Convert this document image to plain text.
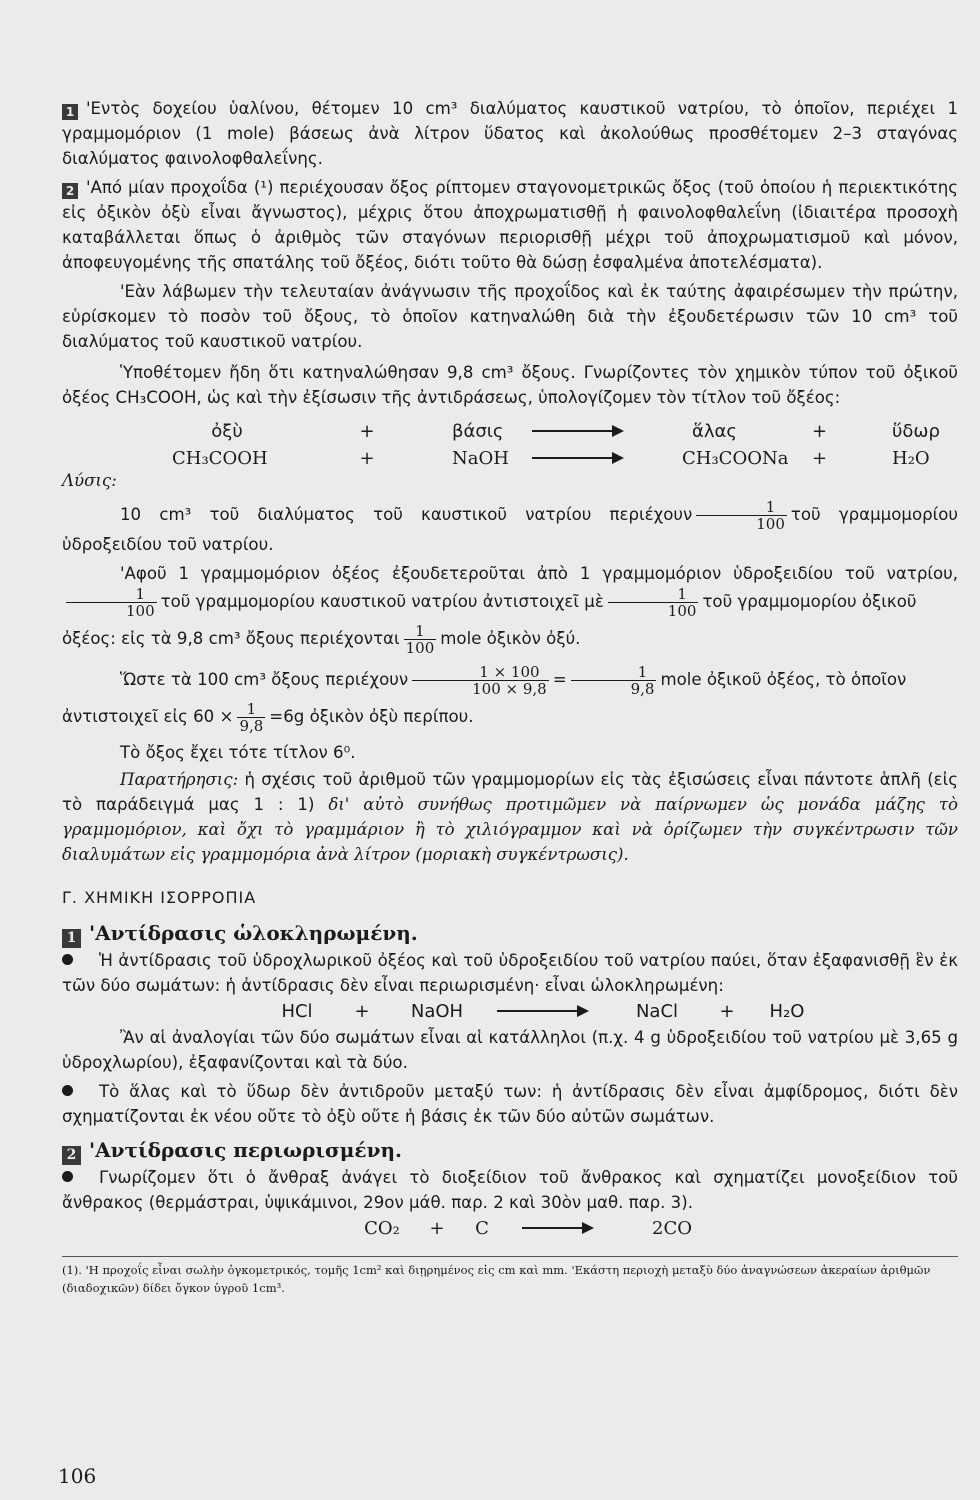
1 'Εντὸς δοχείου ὑαλίνου, θέτομεν 10 cm³ διαλύματος καυστικοῦ νατρίου, τὸ ὁποῖον, περιέχει 1 γραμμομόριον (1 mole) βάσεως ἀνὰ λίτρον ὕδατος καὶ ἀκολούθως προσθέτομεν 2–3 σταγόνας διαλύματος φαινολοφθαλεΐνης.

2 'Από μίαν προχοΐδα (¹) περιέχουσαν ὄξος ρίπτομεν σταγονομετρικῶς ὄξος (τοῦ ὁποίου ἡ περιεκτικότης εἰς ὀξικὸν ὀξὺ εἶναι ἄγνωστος), μέχρις ὅτου ἀποχρωματισθῇ ἡ φαινολοφθαλεΐνη (ἰδιαιτέρα προσοχὴ καταβάλλεται ὅπως ὁ ἀριθμὸς τῶν σταγόνων περιορισθῇ μέχρι τοῦ ἀποχρωματισμοῦ καὶ μόνον, ἀποφευγομένης τῆς σπατάλης τοῦ ὄξέος, διότι τοῦτο θὰ δώσῃ ἐσφαλμένα ἀποτελέσματα).

'Εὰν λάβωμεν τὴν τελευταίαν ἀνάγνωσιν τῆς προχοΐδος καὶ ἐκ ταύτης ἀφαιρέσωμεν τὴν πρώτην, εὑρίσκομεν τὸ ποσὸν τοῦ ὄξους, τὸ ὁποῖον κατηναλώθη διὰ τὴν ἐξουδετέρωσιν τῶν 10 cm³ τοῦ διαλύματος τοῦ καυστικοῦ νατρίου.

Ὑποθέτομεν ἤδη ὅτι κατηναλώθησαν 9,8 cm³ ὄξους. Γνωρίζοντες τὸν χημικὸν τύπον τοῦ ὀξικοῦ ὀξέος CH₃COOH, ὡς καὶ τὴν ἐξίσωσιν τῆς ἀντιδράσεως, ὑπολογίζομεν τὸν τίτλον τοῦ ὄξέος:

ὀξὺ	+	βάσις	ἅλας	+	ὕδωρ
CH₃COOH	+	NaOH	CH₃COONa	+	H₂O

Λύσις:

10 cm³ τοῦ διαλύματος τοῦ καυστικοῦ νατρίου περιέχουν $\frac{1}{100}$ τοῦ γραμμομορίου ὑδροξειδίου τοῦ νατρίου.

'Αφοῦ 1 γραμμομόριον ὀξέος ἐξουδετεροῦται ἀπὸ 1 γραμμομόριον ὑδροξειδίου τοῦ νατρίου,
$\frac{1}{100}$ τοῦ γραμμομορίου καυστικοῦ νατρίου ἀντιστοιχεῖ μὲ $\frac{1}{100}$ τοῦ γραμμομορίου ὀξικοῦ

ὀξέος: εἰς τὰ 9,8 cm³ ὄξους περιέχονται $\frac{1}{100}$ mole ὀξικὸν ὀξύ.

Ὥστε τὰ 100 cm³ ὄξους περιέχουν $\frac{1 \times 100}{100 \times 9,8} = \frac{1}{9,8}$ mole ὀξικοῦ ὀξέος, τὸ ὁποῖον

ἀντιστοιχεῖ εἰς $60 \times \frac{1}{9,8} =6g$ ὀξικὸν ὀξὺ περίπου.

Τὸ ὄξος ἔχει τότε τίτλον 6⁰.

Παρατήρησις: ἡ σχέσις τοῦ ἀριθμοῦ τῶν γραμμομορίων εἰς τὰς ἐξισώσεις εἶναι πάντοτε ἁπλῆ (εἰς τὸ παράδειγμά μας 1 : 1) δι' αὐτὸ συνήθως προτιμῶμεν νὰ παίρνωμεν ὡς μονάδα μάζης τὸ γραμμομόριον, καὶ ὄχι τὸ γραμμάριον ἢ τὸ χιλιόγραμμον καὶ νὰ ὁρίζωμεν τὴν συγκέντρωσιν τῶν διαλυμάτων εἰς γραμμομόρια ἀνὰ λίτρον (μοριακὴ συγκέντρωσις).

Γ. ΧΗΜΙΚΗ ΙΣΟΡΡΟΠΙΑ
1 'Αντίδρασις ὡλοκληρωμένη.

Ἡ ἀντίδρασις τοῦ ὑδροχλωρικοῦ ὀξέος καὶ τοῦ ὑδροξειδίου τοῦ νατρίου παύει, ὅταν ἐξαφανισθῇ ἓν ἐκ τῶν δύο σωμάτων: ἡ ἀντίδρασις δὲν εἶναι περιωρισμένη· εἶναι ὡλοκληρωμένη:

HCl	+	NaOH	NaCl	+	H₂O

Ἂν αἱ ἀναλογίαι τῶν δύο σωμάτων εἶναι αἱ κατάλληλοι (π.χ. 4 g ὑδροξειδίου τοῦ νατρίου μὲ 3,65 g ὑδροχλωρίου), ἐξαφανίζονται καὶ τὰ δύο.

Τὸ ἅλας καὶ τὸ ὕδωρ δὲν ἀντιδροῦν μεταξύ των: ἡ ἀντίδρασις δὲν εἶναι ἀμφίδρομος, διότι δὲν σχηματίζονται ἐκ νέου οὔτε τὸ ὀξὺ οὔτε ἡ βάσις ἐκ τῶν δύο αὐτῶν σωμάτων.

2 'Αντίδρασις περιωρισμένη.

Γνωρίζομεν ὅτι ὁ ἄνθραξ ἀνάγει τὸ διοξείδιον τοῦ ἄνθρακος καὶ σχηματίζει μονοξείδιον τοῦ ἄνθρακος (θερμάστραι, ὑψικάμινοι, 29ον μάθ. παρ. 2 καὶ 30ὸν μαθ. παρ. 3).

CO₂	+	C	2CO
(1). 'Η προχοΐς εἶναι σωλὴν ὀγκομετρικός, τομῆς 1cm² καὶ διῃρημένος εἰς cm καὶ mm. 'Εκάστη περιοχὴ μεταξὺ δύο ἀναγνώσεων ἀκεραίων ἀριθμῶν (διαδοχικῶν) δίδει ὄγκον ὑγροῦ 1cm³.
106
